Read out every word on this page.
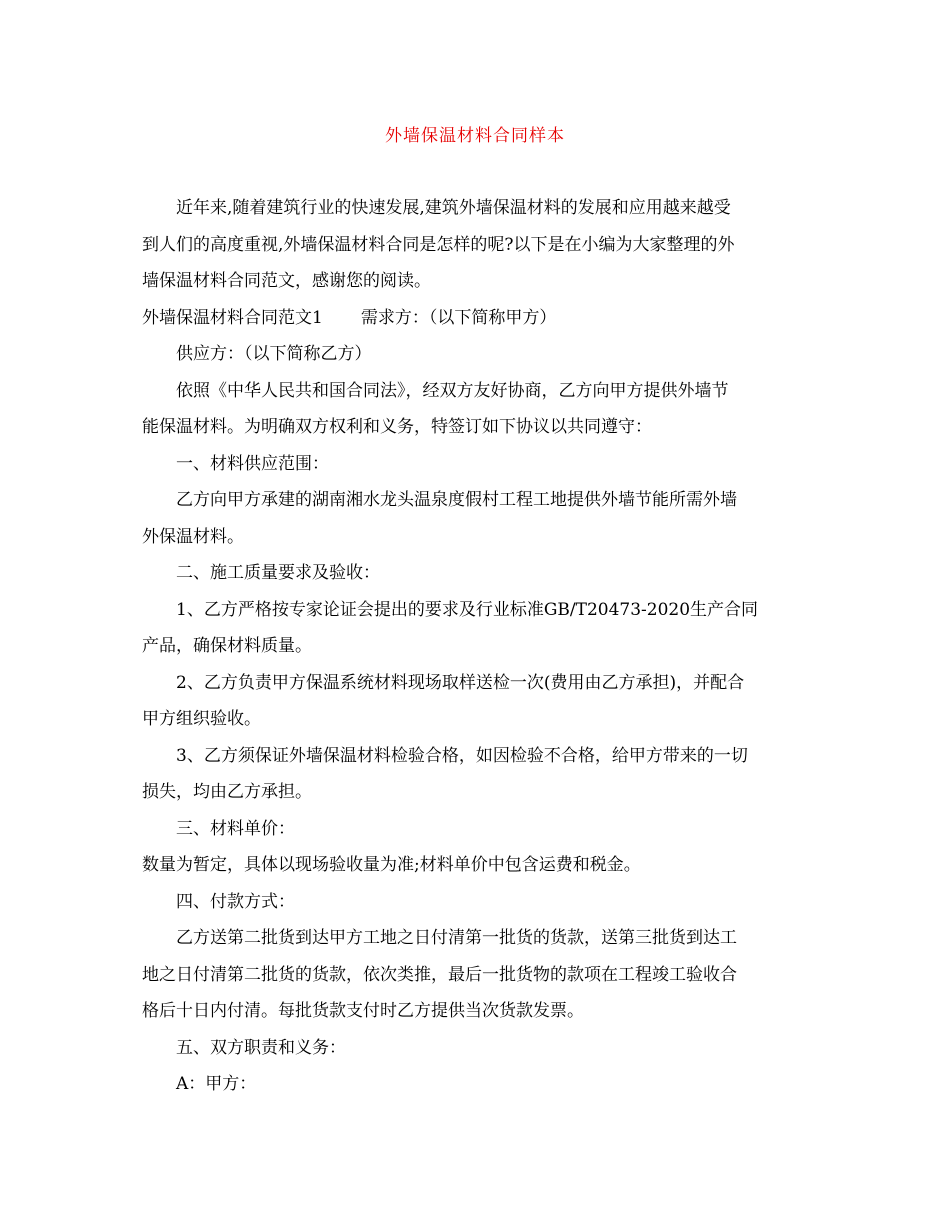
外墙保温材料合同样本
近年来,随着建筑行业的快速发展,建筑外墙保温材料的发展和应用越来越受
到人们的高度重视,外墙保温材料合同是怎样的呢?以下是在小编为大家整理的外
墙保温材料合同范文，感谢您的阅读。
外墙保温材料合同范文1 需求方：（以下简称甲方）
供应方：（以下简称乙方）
依照《中华人民共和国合同法》，经双方友好协商，乙方向甲方提供外墙节
能保温材料。为明确双方权利和义务，特签订如下协议以共同遵守：
一、材料供应范围：
乙方向甲方承建的湖南湘水龙头温泉度假村工程工地提供外墙节能所需外墙
外保温材料。
二、施工质量要求及验收：
1、乙方严格按专家论证会提出的要求及行业标准GB/T20473-2020生产合同
产品，确保材料质量。
2、乙方负责甲方保温系统材料现场取样送检一次(费用由乙方承担)，并配合
甲方组织验收。
3、乙方须保证外墙保温材料检验合格，如因检验不合格，给甲方带来的一切
损失，均由乙方承担。
三、材料单价：
数量为暂定，具体以现场验收量为准;材料单价中包含运费和税金。
四、付款方式：
乙方送第二批货到达甲方工地之日付清第一批货的货款，送第三批货到达工
地之日付清第二批货的货款，依次类推，最后一批货物的款项在工程竣工验收合
格后十日内付清。每批货款支付时乙方提供当次货款发票。
五、双方职责和义务：
A：甲方：
